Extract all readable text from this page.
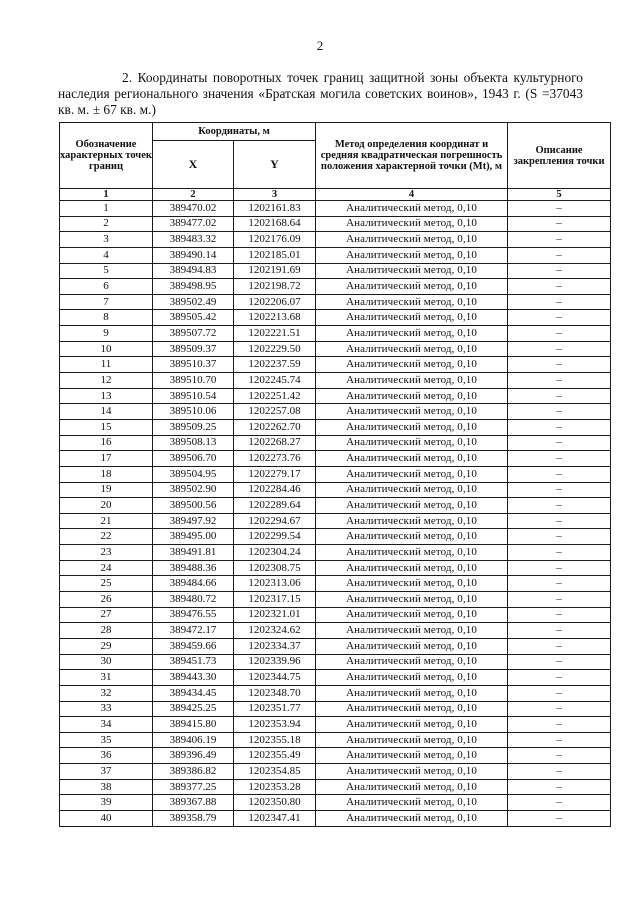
2
2. Координаты поворотных точек границ защитной зоны объекта культурного наследия регионального значения «Братская могила советских воинов», 1943 г. (S =37043 кв. м. ± 67 кв. м.)
Обозначение характерных точек границ	Координаты, м		Метод определения координат и средняя квадратическая погрешность положения характерной точки (Mt), м	Описание закрепления точки
	X	Y		
1	2	3	4	5
1	389470.02	1202161.83	Аналитический метод, 0,10	–
2	389477.02	1202168.64	Аналитический метод, 0,10	–
3	389483.32	1202176.09	Аналитический метод, 0,10	–
4	389490.14	1202185.01	Аналитический метод, 0,10	–
5	389494.83	1202191.69	Аналитический метод, 0,10	–
6	389498.95	1202198.72	Аналитический метод, 0,10	–
7	389502.49	1202206.07	Аналитический метод, 0,10	–
8	389505.42	1202213.68	Аналитический метод, 0,10	–
9	389507.72	1202221.51	Аналитический метод, 0,10	–
10	389509.37	1202229.50	Аналитический метод, 0,10	–
11	389510.37	1202237.59	Аналитический метод, 0,10	–
12	389510.70	1202245.74	Аналитический метод, 0,10	–
13	389510.54	1202251.42	Аналитический метод, 0,10	–
14	389510.06	1202257.08	Аналитический метод, 0,10	–
15	389509.25	1202262.70	Аналитический метод, 0,10	–
16	389508.13	1202268.27	Аналитический метод, 0,10	–
17	389506.70	1202273.76	Аналитический метод, 0,10	–
18	389504.95	1202279.17	Аналитический метод, 0,10	–
19	389502.90	1202284.46	Аналитический метод, 0,10	–
20	389500.56	1202289.64	Аналитический метод, 0,10	–
21	389497.92	1202294.67	Аналитический метод, 0,10	–
22	389495.00	1202299.54	Аналитический метод, 0,10	–
23	389491.81	1202304.24	Аналитический метод, 0,10	–
24	389488.36	1202308.75	Аналитический метод, 0,10	–
25	389484.66	1202313.06	Аналитический метод, 0,10	–
26	389480.72	1202317.15	Аналитический метод, 0,10	–
27	389476.55	1202321.01	Аналитический метод, 0,10	–
28	389472.17	1202324.62	Аналитический метод, 0,10	–
29	389459.66	1202334.37	Аналитический метод, 0,10	–
30	389451.73	1202339.96	Аналитический метод, 0,10	–
31	389443.30	1202344.75	Аналитический метод, 0,10	–
32	389434.45	1202348.70	Аналитический метод, 0,10	–
33	389425.25	1202351.77	Аналитический метод, 0,10	–
34	389415.80	1202353.94	Аналитический метод, 0,10	–
35	389406.19	1202355.18	Аналитический метод, 0,10	–
36	389396.49	1202355.49	Аналитический метод, 0,10	–
37	389386.82	1202354.85	Аналитический метод, 0,10	–
38	389377.25	1202353.28	Аналитический метод, 0,10	–
39	389367.88	1202350.80	Аналитический метод, 0,10	–
40	389358.79	1202347.41	Аналитический метод, 0,10	–
